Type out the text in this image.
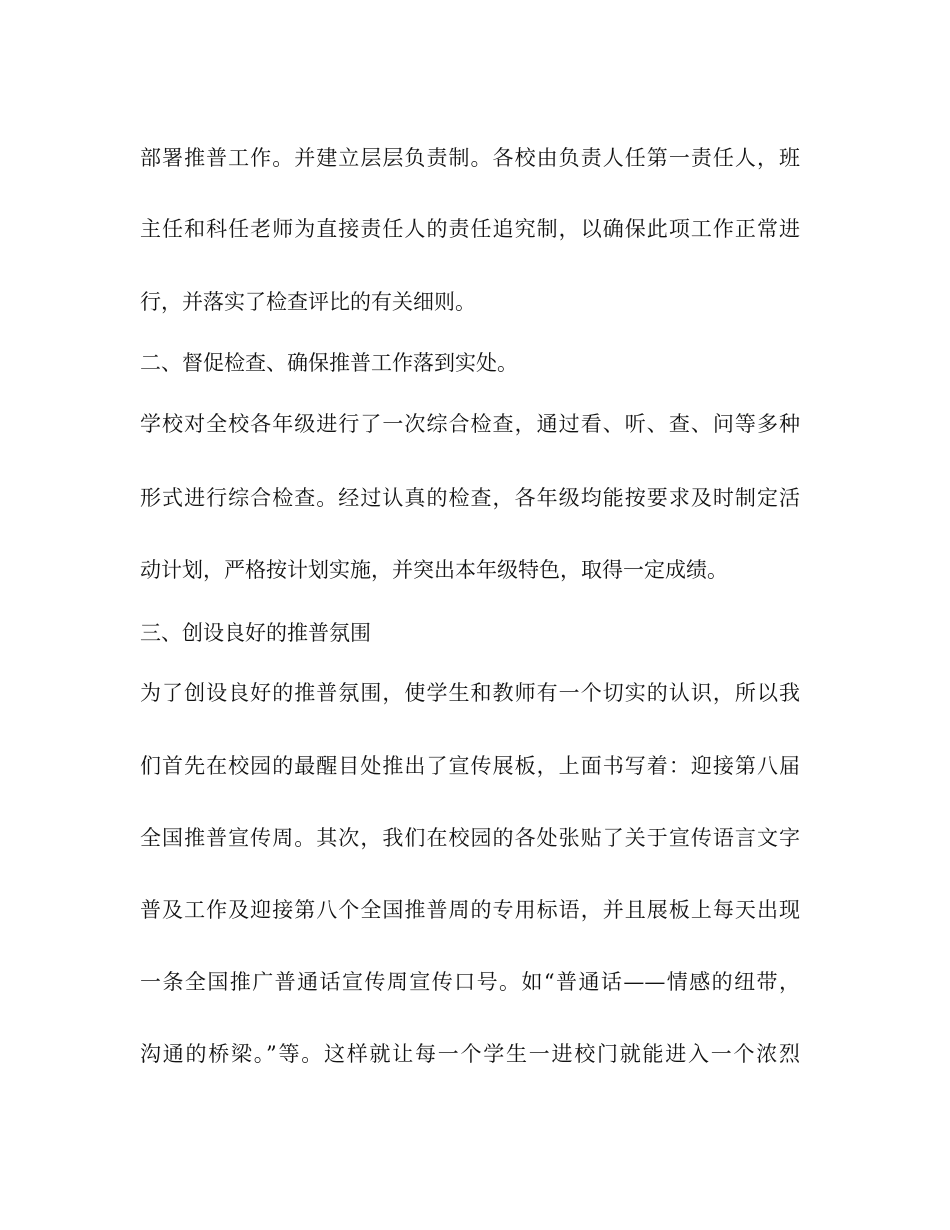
部署推普工作。并建立层层负责制。各校由负责人任第一责任人，班
主任和科任老师为直接责任人的责任追究制，以确保此项工作正常进
行，并落实了检查评比的有关细则。
二、督促检查、确保推普工作落到实处。
学校对全校各年级进行了一次综合检查，通过看、听、查、问等多种
形式进行综合检查。经过认真的检查，各年级均能按要求及时制定活
动计划，严格按计划实施，并突出本年级特色，取得一定成绩。
三、创设良好的推普氛围
为了创设良好的推普氛围，使学生和教师有一个切实的认识，所以我
们首先在校园的最醒目处推出了宣传展板，上面书写着：迎接第八届
全国推普宣传周。其次，我们在校园的各处张贴了关于宣传语言文字
普及工作及迎接第八个全国推普周的专用标语，并且展板上每天出现
一条全国推广普通话宣传周宣传口号。如“普通话——情感的纽带，
沟通的桥梁。”等。这样就让每一个学生一进校门就能进入一个浓烈
